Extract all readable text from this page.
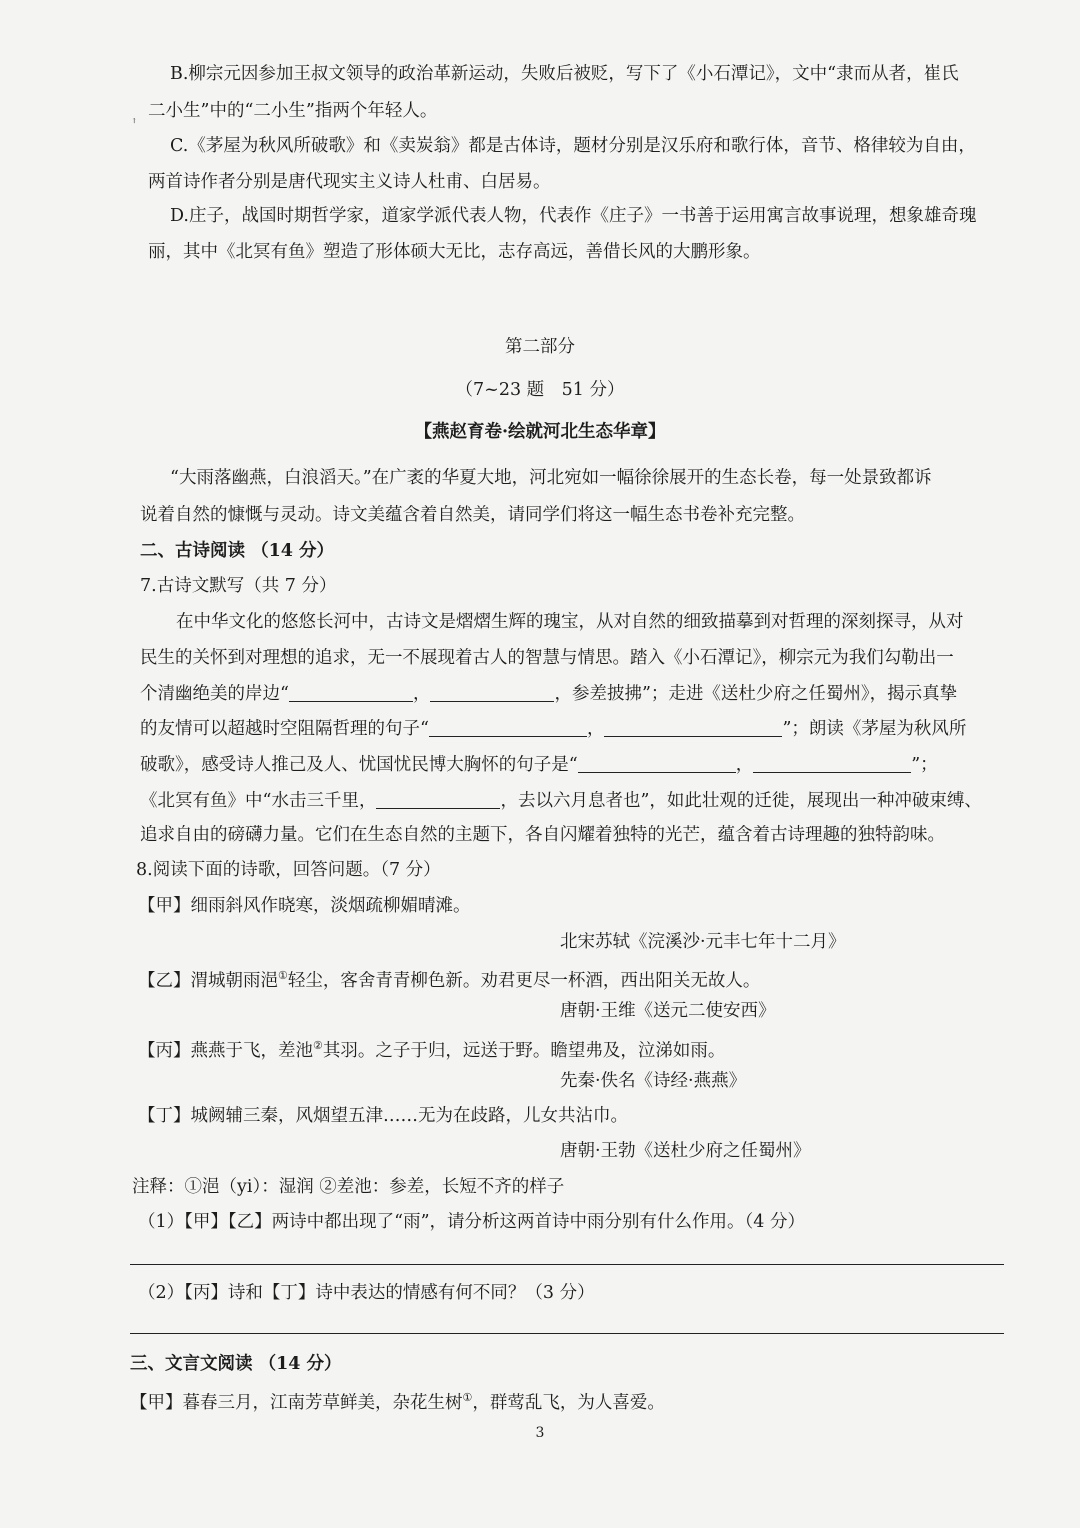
ꜛ
B.柳宗元因参加王叔文领导的政治革新运动，失败后被贬，写下了《小石潭记》，文中“隶而从者，崔氏
二小生”中的“二小生”指两个年轻人。
C.《茅屋为秋风所破歌》和《卖炭翁》都是古体诗，题材分别是汉乐府和歌行体，音节、格律较为自由，
两首诗作者分别是唐代现实主义诗人杜甫、白居易。
D.庄子，战国时期哲学家，道家学派代表人物，代表作《庄子》一书善于运用寓言故事说理，想象雄奇瑰
丽，其中《北冥有鱼》塑造了形体硕大无比，志存高远，善借长风的大鹏形象。
第二部分
（7~23 题　51 分）
【燕赵育卷·绘就河北生态华章】
“大雨落幽燕，白浪滔天。”在广袤的华夏大地，河北宛如一幅徐徐展开的生态长卷，每一处景致都诉
说着自然的慷慨与灵动。诗文美蕴含着自然美，请同学们将这一幅生态书卷补充完整。
二、古诗阅读 （14 分）
7.古诗文默写（共 7 分）
在中华文化的悠悠长河中，古诗文是熠熠生辉的瑰宝，从对自然的细致描摹到对哲理的深刻探寻，从对
民生的关怀到对理想的追求，无一不展现着古人的智慧与情思。踏入《小石潭记》，柳宗元为我们勾勒出一
个清幽绝美的岸边“	，	，参差披拂”；走进《送杜少府之任蜀州》，揭示真挚
的友情可以超越时空阻隔哲理的句子“	，	”；朗读《茅屋为秋风所
破歌》，感受诗人推己及人、忧国忧民博大胸怀的句子是“	，	”；
《北冥有鱼》中“水击三千里，	，去以六月息者也”，如此壮观的迁徙，展现出一种冲破束缚、
追求自由的磅礴力量。它们在生态自然的主题下，各自闪耀着独特的光芒，蕴含着古诗理趣的独特韵味。
8.阅读下面的诗歌，回答问题。（7 分）
【甲】细雨斜风作晓寒，淡烟疏柳媚晴滩。
北宋苏轼《浣溪沙·元丰七年十二月》
【乙】渭城朝雨浥①轻尘，客舍青青柳色新。劝君更尽一杯酒，西出阳关无故人。
唐朝·王维《送元二使安西》
【丙】燕燕于飞，差池②其羽。之子于归，远送于野。瞻望弗及，泣涕如雨。
先秦·佚名《诗经·燕燕》
【丁】城阙辅三秦，风烟望五津……无为在歧路，儿女共沾巾。
唐朝·王勃《送杜少府之任蜀州》
注释：①浥（yi）：湿润 ②差池：参差，长短不齐的样子
（1）【甲】【乙】两诗中都出现了“雨”，请分析这两首诗中雨分别有什么作用。（4 分）
（2）【丙】诗和【丁】诗中表达的情感有何不同？（3 分）
三、文言文阅读 （14 分）
【甲】暮春三月，江南芳草鲜美，杂花生树①，群莺乱飞，为人喜爱。
3
